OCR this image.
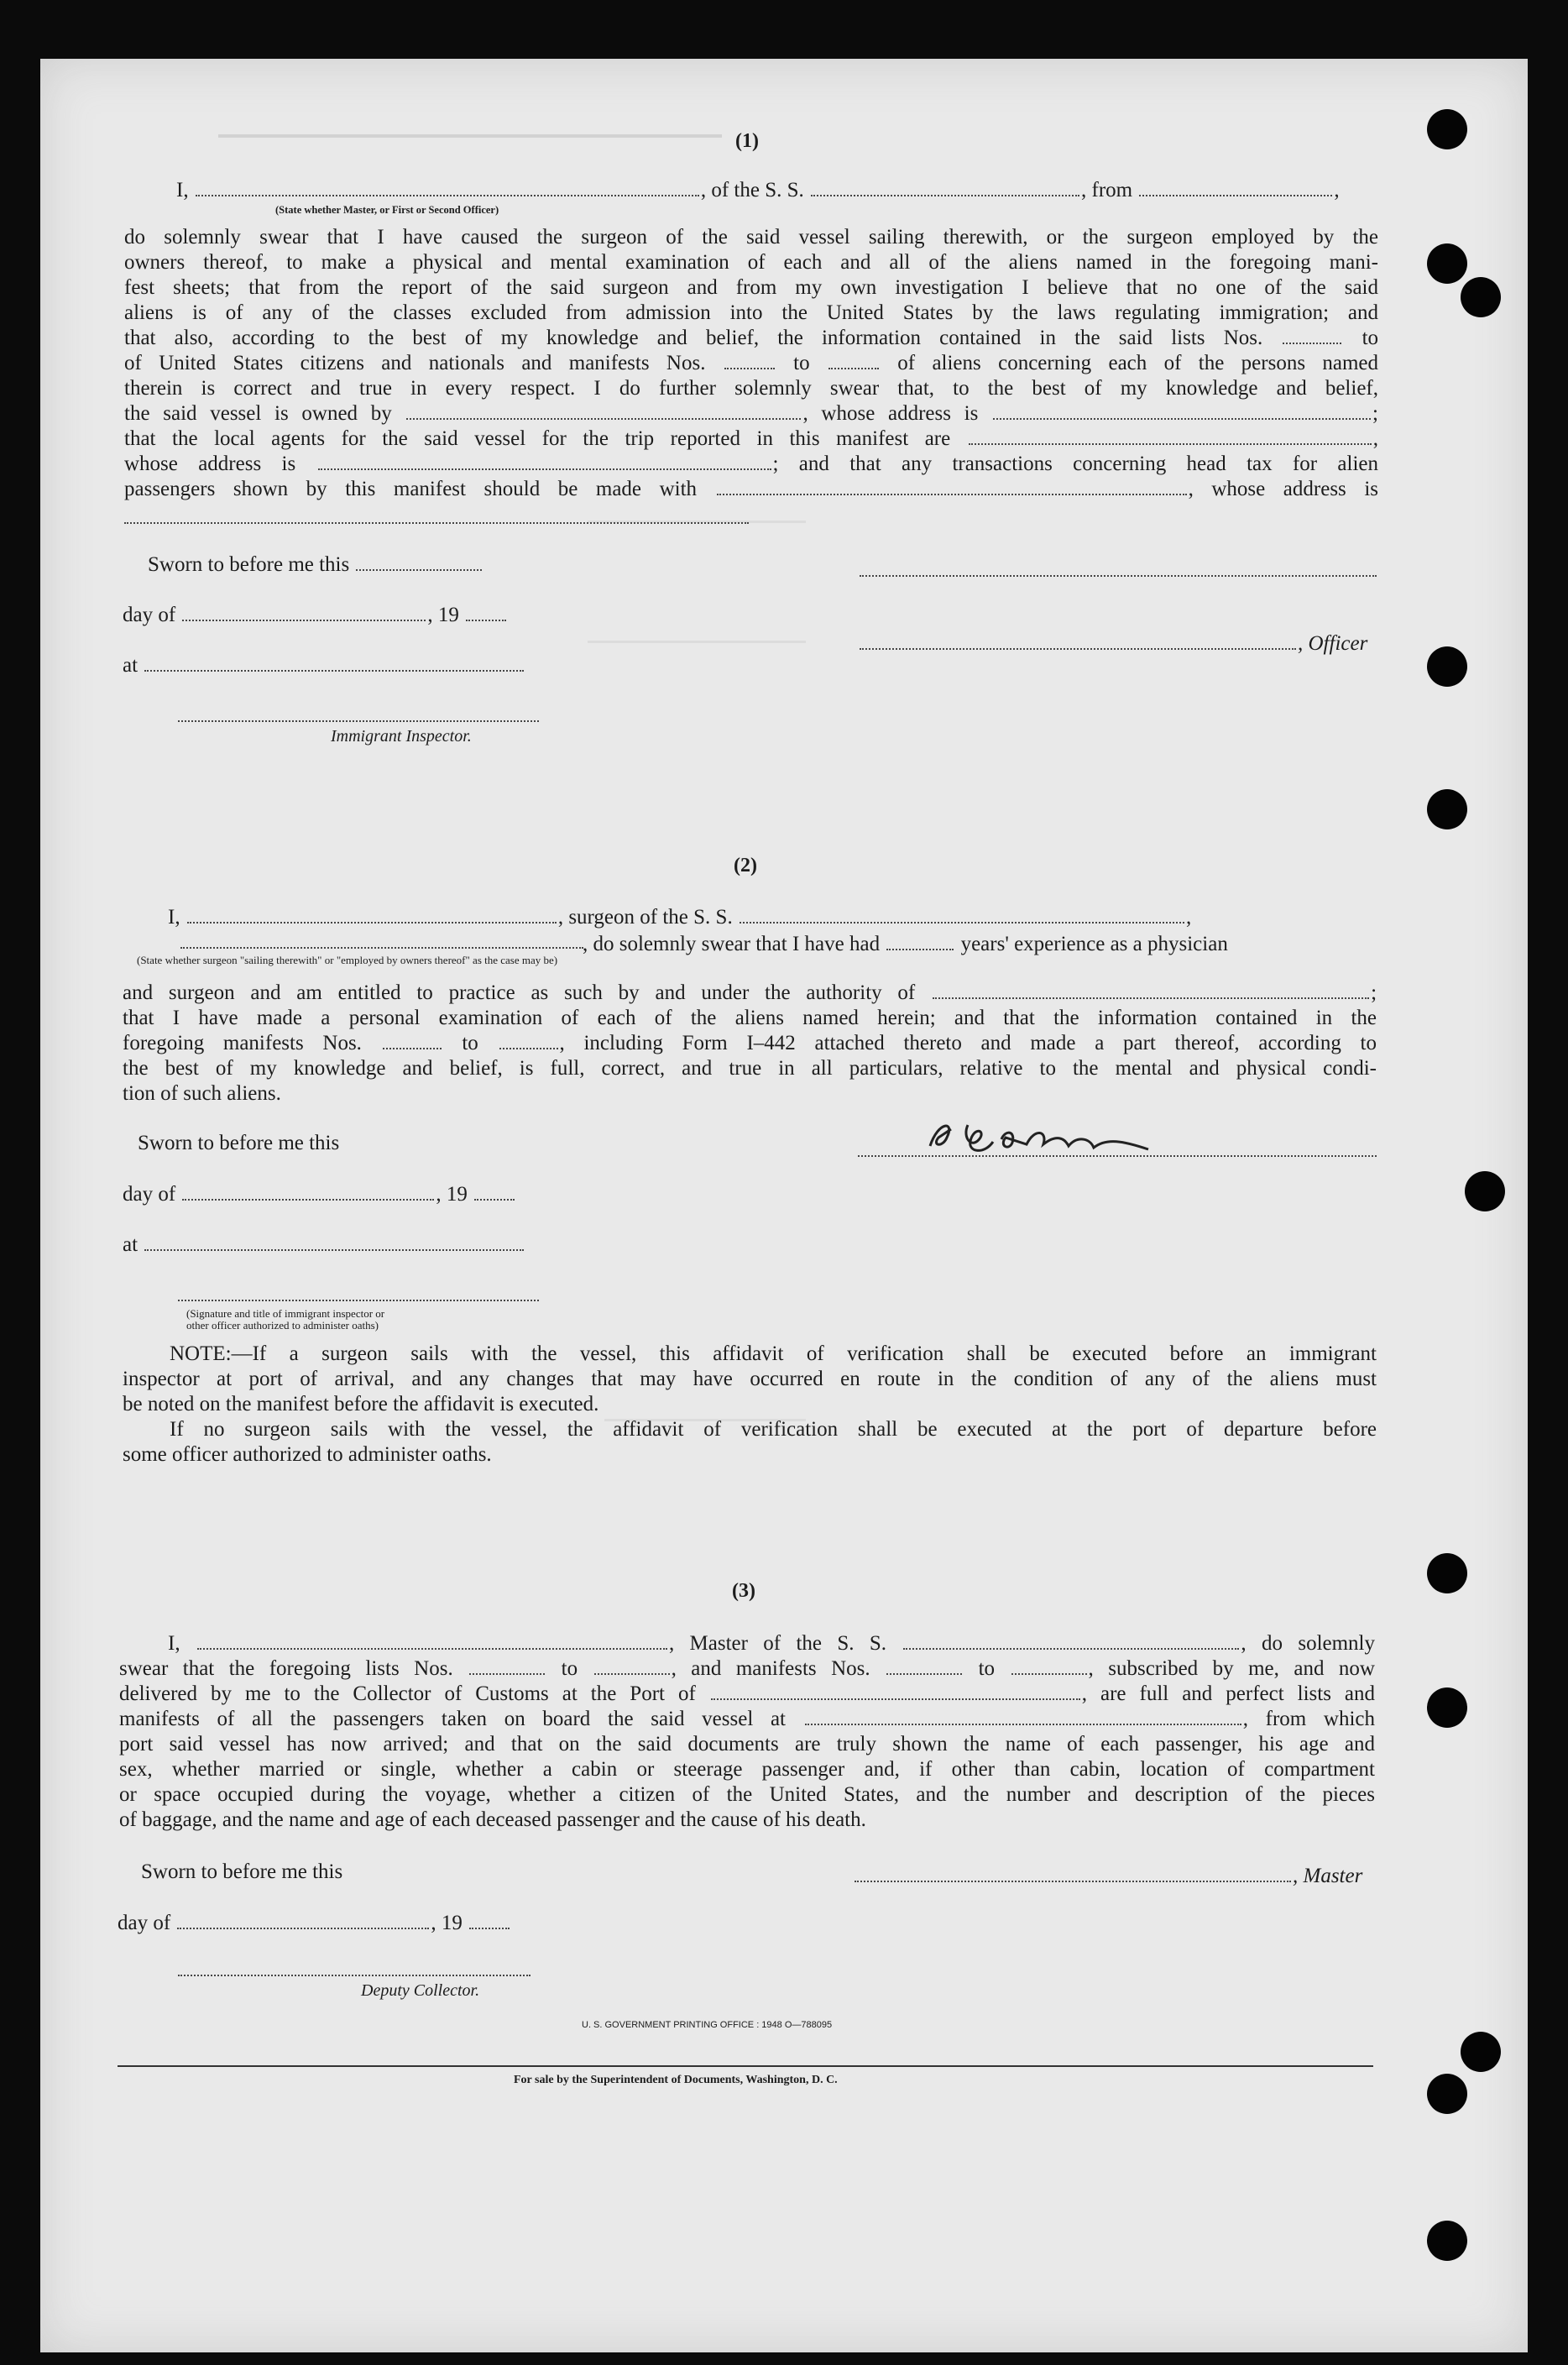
(1)
I,	, of the S. S.	, from	,
(State whether Master, or First or Second Officer)
do solemnly swear that I have caused the surgeon of the said vessel sailing therewith, or the surgeon employed by the
owners thereof, to make a physical and mental examination of each and all of the aliens named in the foregoing mani-
fest sheets; that from the report of the said surgeon and from my own investigation I believe that no one of the said
aliens is of any of the classes excluded from admission into the United States by the laws regulating immigration; and
that also, according to the best of my knowledge and belief, the information contained in the said lists Nos.	to
of United States citizens and nationals and manifests Nos.	to	of aliens concerning each of the persons named
therein is correct and true in every respect. I do further solemnly swear that, to the best of my knowledge and belief,
the said vessel is owned by	, whose address is	;
that the local agents for the said vessel for the trip reported in this manifest are	,
whose address is	; and that any transactions concerning head tax for alien
passengers shown by this manifest should be made with	, whose address is
Sworn to before me this
day of	, 19
at
, Officer
Immigrant Inspector.
(2)
I,	, surgeon of the S. S.	,
, do solemnly swear that I have had	years' experience as a physician
(State whether surgeon "sailing therewith" or "employed by owners thereof" as the case may be)
and surgeon and am entitled to practice as such by and under the authority of	;
that I have made a personal examination of each of the aliens named herein; and that the information contained in the
foregoing manifests Nos.	to	, including Form I–442 attached thereto and made a part thereof, according to
the best of my knowledge and belief, is full, correct, and true in all particulars, relative to the mental and physical condi-
tion of such aliens.
Sworn to before me this
day of	, 19
at
(Signature and title of immigrant inspector or
other officer authorized to administer oaths)
NOTE:—If a surgeon sails with the vessel, this affidavit of verification shall be executed before an immigrant
inspector at port of arrival, and any changes that may have occurred en route in the condition of any of the aliens must
be noted on the manifest before the affidavit is executed.
If no surgeon sails with the vessel, the affidavit of verification shall be executed at the port of departure before
some officer authorized to administer oaths.
(3)
I,	, Master of the S. S.	, do solemnly
swear that the foregoing lists Nos.	to	, and manifests Nos.	to	, subscribed by me, and now
delivered by me to the Collector of Customs at the Port of	, are full and perfect lists and
manifests of all the passengers taken on board the said vessel at	, from which
port said vessel has now arrived; and that on the said documents are truly shown the name of each passenger, his age and
sex, whether married or single, whether a cabin or steerage passenger and, if other than cabin, location of compartment
or space occupied during the voyage, whether a citizen of the United States, and the number and description of the pieces
of baggage, and the name and age of each deceased passenger and the cause of his death.
Sworn to before me this	, Master
day of	, 19
Deputy Collector.
U. S. GOVERNMENT PRINTING OFFICE : 1948 O—788095
For sale by the Superintendent of Documents, Washington, D. C.
